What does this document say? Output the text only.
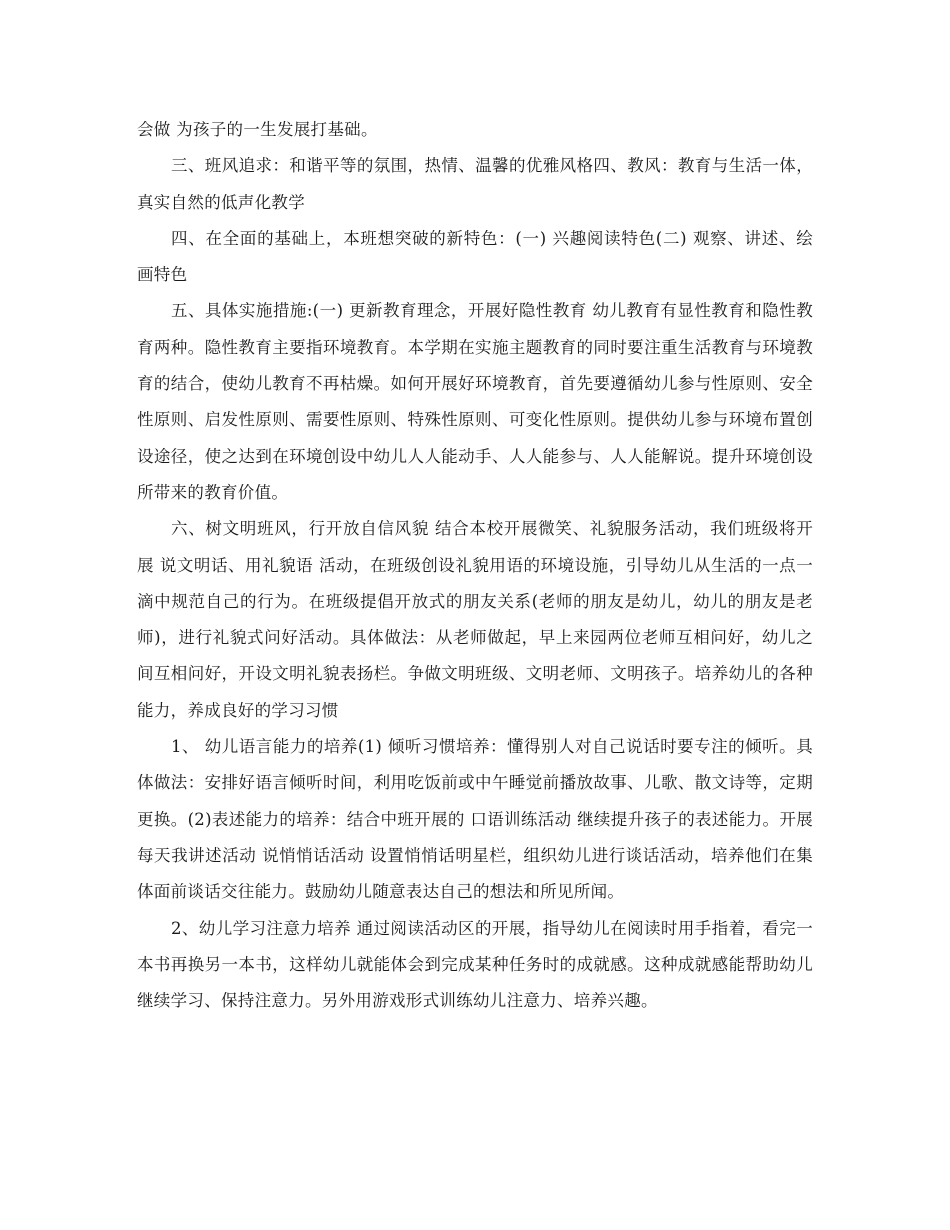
会做 为孩子的一生发展打基础。

三、班风追求：和谐平等的氛围，热情、温馨的优雅风格四、教风：教育与生活一体，真实自然的低声化教学

四、在全面的基础上，本班想突破的新特色：(一) 兴趣阅读特色(二) 观察、讲述、绘画特色

五、具体实施措施:(一) 更新教育理念，开展好隐性教育 幼儿教育有显性教育和隐性教育两种。隐性教育主要指环境教育。本学期在实施主题教育的同时要注重生活教育与环境教育的结合，使幼儿教育不再枯燥。如何开展好环境教育，首先要遵循幼儿参与性原则、安全性原则、启发性原则、需要性原则、特殊性原则、可变化性原则。提供幼儿参与环境布置创设途径，使之达到在环境创设中幼儿人人能动手、人人能参与、人人能解说。提升环境创设所带来的教育价值。

六、树文明班风，行开放自信风貌 结合本校开展微笑、礼貌服务活动，我们班级将开展 说文明话、用礼貌语 活动，在班级创设礼貌用语的环境设施，引导幼儿从生活的一点一滴中规范自己的行为。在班级提倡开放式的朋友关系(老师的朋友是幼儿，幼儿的朋友是老师)，进行礼貌式问好活动。具体做法：从老师做起，早上来园两位老师互相问好，幼儿之间互相问好，开设文明礼貌表扬栏。争做文明班级、文明老师、文明孩子。培养幼儿的各种能力，养成良好的学习习惯

1、 幼儿语言能力的培养(1) 倾听习惯培养：懂得别人对自己说话时要专注的倾听。具体做法：安排好语言倾听时间，利用吃饭前或中午睡觉前播放故事、儿歌、散文诗等，定期更换。(2)表述能力的培养：结合中班开展的 口语训练活动 继续提升孩子的表述能力。开展 每天我讲述活动 说悄悄话活动 设置悄悄话明星栏，组织幼儿进行谈话活动，培养他们在集体面前谈话交往能力。鼓励幼儿随意表达自己的想法和所见所闻。

2、幼儿学习注意力培养 通过阅读活动区的开展，指导幼儿在阅读时用手指着，看完一本书再换另一本书，这样幼儿就能体会到完成某种任务时的成就感。这种成就感能帮助幼儿继续学习、保持注意力。另外用游戏形式训练幼儿注意力、培养兴趣。
